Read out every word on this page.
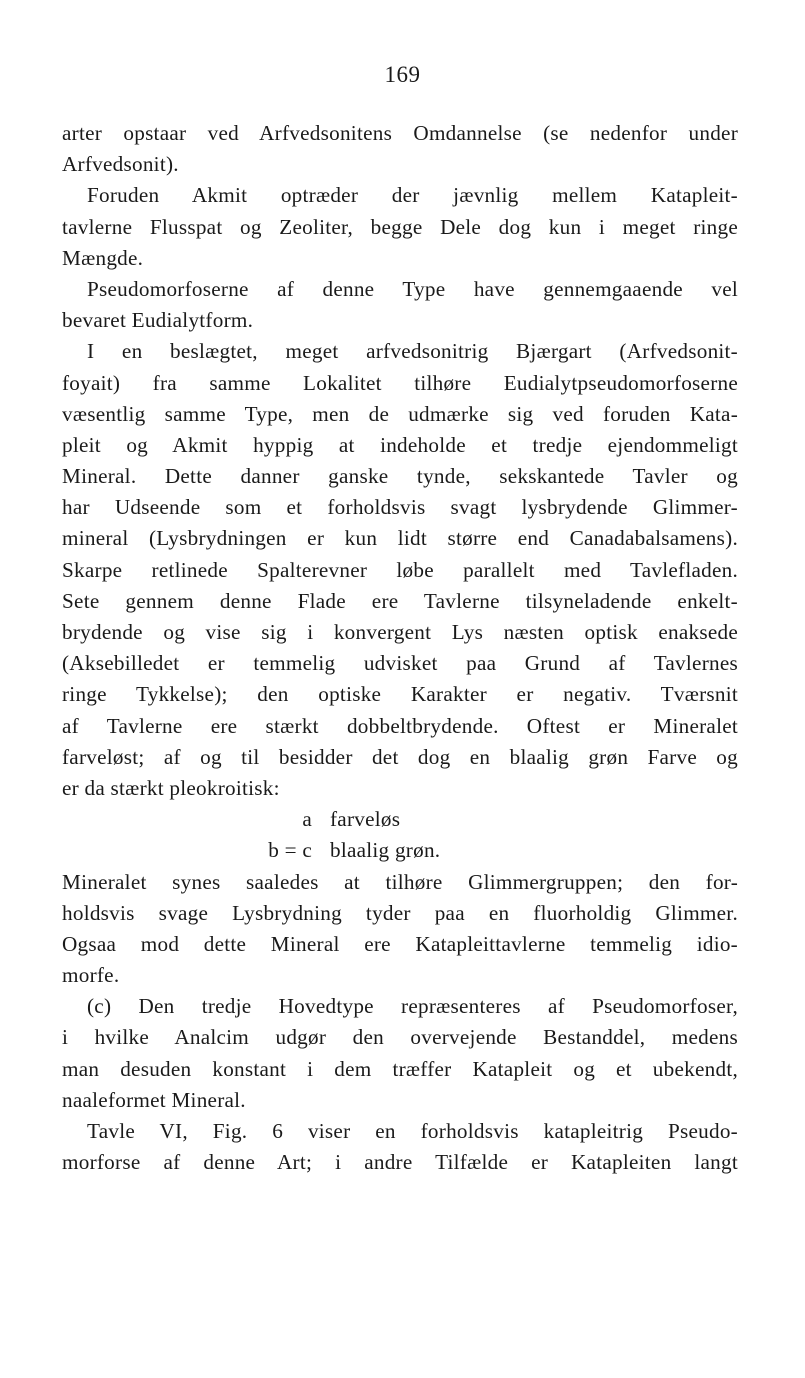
169
arter opstaar ved Arfvedsonitens Omdannelse (se nedenfor under
Arfvedsonit).
Foruden Akmit optræder der jævnlig mellem Katapleit-
tavlerne Flusspat og Zeoliter, begge Dele dog kun i meget ringe
Mængde.
Pseudomorfoserne af denne Type have gennemgaaende vel
bevaret Eudialytform.
I en beslægtet, meget arfvedsonitrig Bjærgart (Arfvedsonit-
foyait) fra samme Lokalitet tilhøre Eudialytpseudomorfoserne
væsentlig samme Type, men de udmærke sig ved foruden Kata-
pleit og Akmit hyppig at indeholde et tredje ejendommeligt
Mineral. Dette danner ganske tynde, sekskantede Tavler og
har Udseende som et forholdsvis svagt lysbrydende Glimmer-
mineral (Lysbrydningen er kun lidt større end Canadabalsamens).
Skarpe retlinede Spalterevner løbe parallelt med Tavlefladen.
Sete gennem denne Flade ere Tavlerne tilsyneladende enkelt-
brydende og vise sig i konvergent Lys næsten optisk enaksede
(Aksebilledet er temmelig udvisket paa Grund af Tavlernes
ringe Tykkelse); den optiske Karakter er negativ. Tværsnit
af Tavlerne ere stærkt dobbeltbrydende. Oftest er Mineralet
farveløst; af og til besidder det dog en blaalig grøn Farve og
er da stærkt pleokroitisk:
a farveløs
b = c blaalig grøn.
Mineralet synes saaledes at tilhøre Glimmergruppen; den for-
holdsvis svage Lysbrydning tyder paa en fluorholdig Glimmer.
Ogsaa mod dette Mineral ere Katapleittavlerne temmelig idio-
morfe.
(c) Den tredje Hovedtype repræsenteres af Pseudomorfoser,
i hvilke Analcim udgør den overvejende Bestanddel, medens
man desuden konstant i dem træffer Katapleit og et ubekendt,
naaleformet Mineral.
Tavle VI, Fig. 6 viser en forholdsvis katapleitrig Pseudo-
morforse af denne Art; i andre Tilfælde er Katapleiten langt
